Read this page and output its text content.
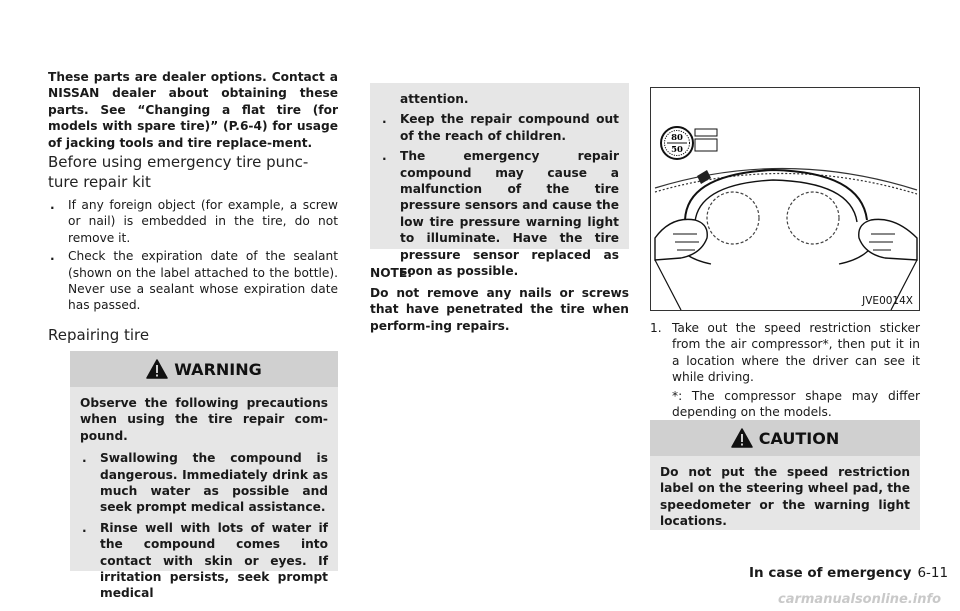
These parts are dealer options. Contact a NISSAN dealer about obtaining these parts. See “Changing a flat tire (for models with spare tire)” (P.6-4) for usage of jacking tools and tire replace-ment.

Before using emergency tire punc-ture repair kit

. If any foreign object (for example, a screw or nail) is embedded in the tire, do not remove it.
. Check the expiration date of the sealant (shown on the label attached to the bottle). Never use a sealant whose expiration date has passed.

Repairing tire

WARNING

Observe the following precautions when using the tire repair com-pound.

. Swallowing the compound is dangerous. Immediately drink as much water as possible and seek prompt medical assistance.
. Rinse well with lots of water if the compound comes into contact with skin or eyes. If irritation persists, seek prompt medical

attention.

. Keep the repair compound out of the reach of children.
. The emergency repair compound may cause a malfunction of the tire pressure sensors and cause the low tire pressure warning light to illuminate. Have the tire pressure sensor replaced as soon as possible.

NOTE:

Do not remove any nails or screws that have penetrated the tire when perform-ing repairs.

80
50
JVE0014X
1. Take out the speed restriction sticker from the air compressor*, then put it in a location where the driver can see it while driving.

*: The compressor shape may differ depending on the models.

CAUTION

Do not put the speed restriction label on the steering wheel pad, the speedometer or the warning light locations.

In case of emergency 6-11
carmanualsonline.info
